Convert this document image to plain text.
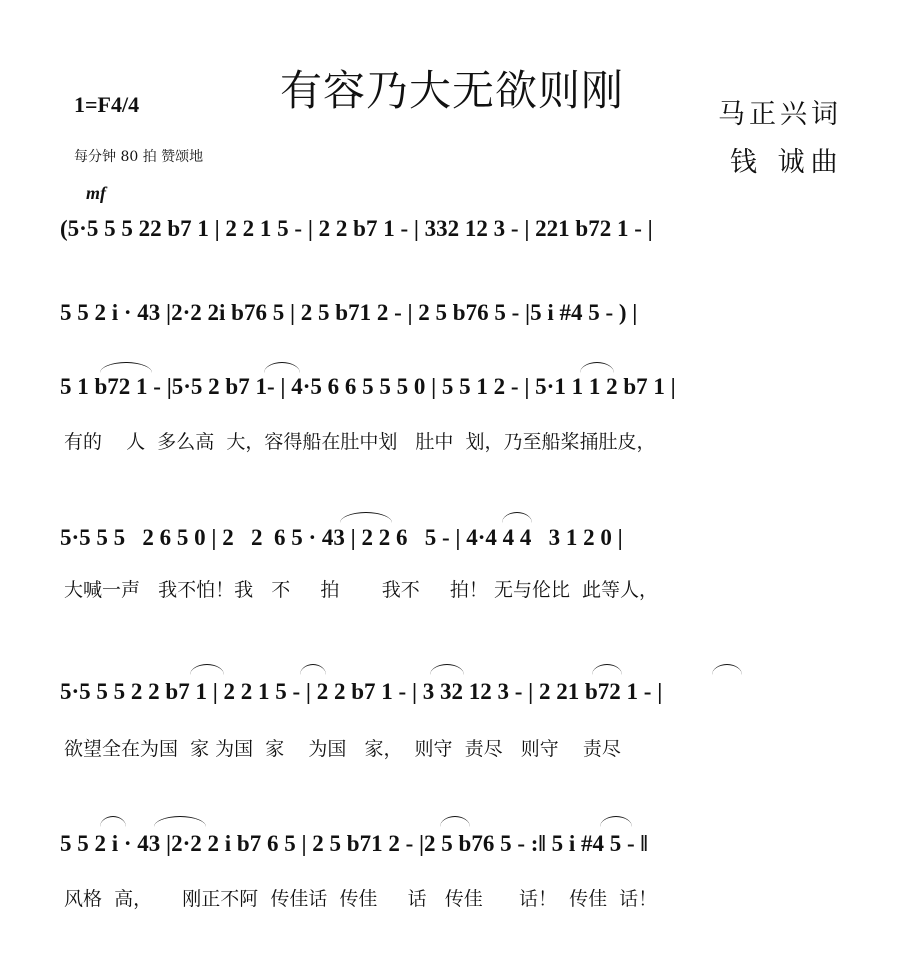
有容乃大无欲则刚
1=F4/4
每分钟 80 拍 赞颂地
马正兴词
钱 诚曲
mf
(5·5 5 5 22 b7 1 | 2 2 1 5 - | 2 2 b7 1 - | 332 12 3 - | 221 b72 1 - |
5 5 2 i · 43 |2·2 2i b76 5 | 2 5 b71 2 - | 2 5 b76 5 - |5 i #4 5 - ) |
5 1 b72 1 - |5·5 2 b7 1- | 4·5 6 6 5 5 5 0 | 5 5 1 2 - | 5·1 1 1 2 b7 1 |
有的    人  多么高  大，容得船在肚中划   肚中  划，乃至船桨捅肚皮，
5·5 5 5   2 6 5 0 | 2   2  6 5 · 43 | 2 2 6   5 - | 4·4 4 4   3 1 2 0 |
大喊一声   我不怕！我   不     拍       我不     拍！ 无与伦比  此等人，
5·5 5 5 2 2 b7 1 | 2 2 1 5 - | 2 2 b7 1 - | 3 32 12 3 - | 2 21 b72 1 - |
欲望全在为国  家 为国  家    为国   家，  则守  责尽   则守    责尽
5 5 2 i · 43 |2·2 2 i b7 6 5 | 2 5 b71 2 - |2 5 b76 5 - :‖ 5 i #4 5 - ‖
风格  高，     刚正不阿  传佳话  传佳     话   传佳      话！  传佳  话！
